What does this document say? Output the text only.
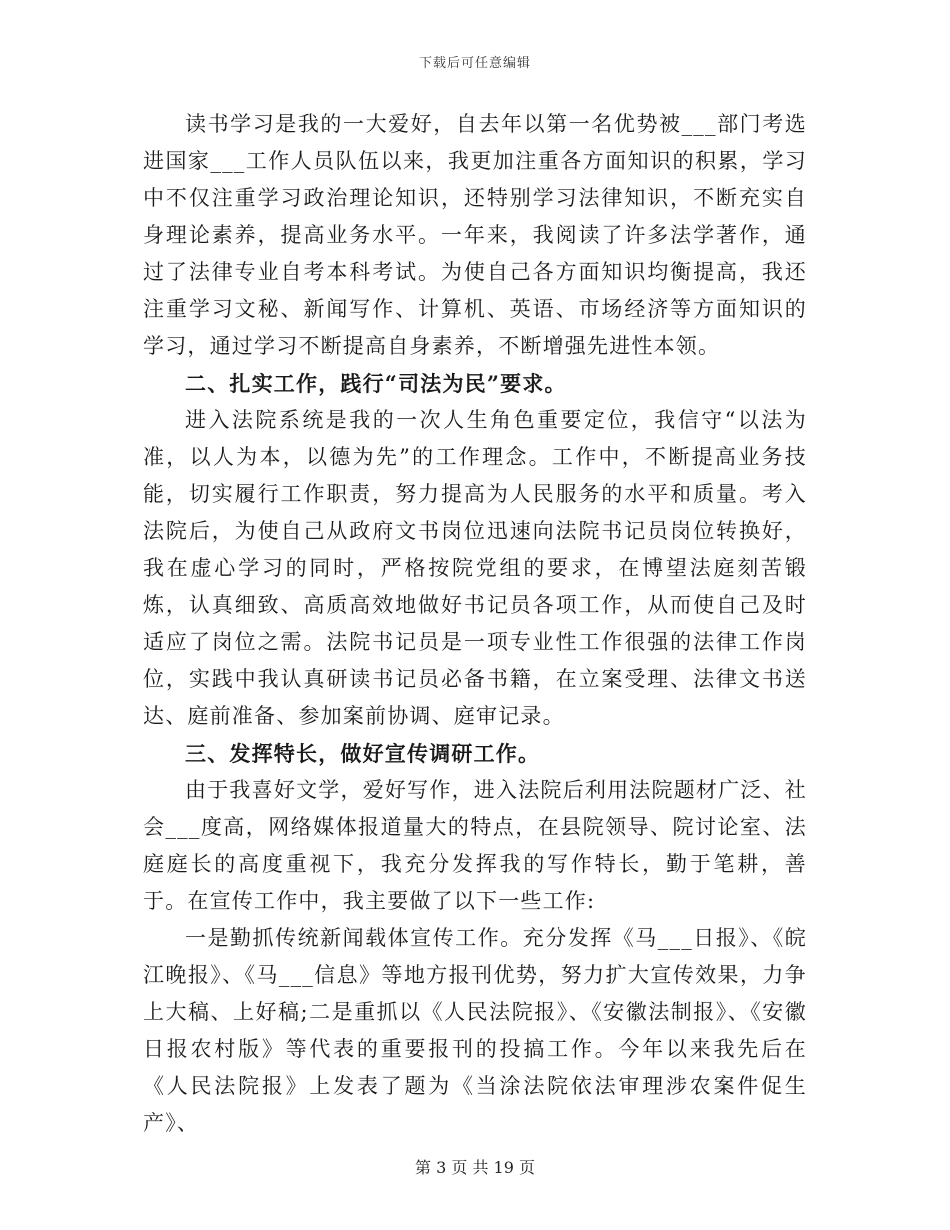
下载后可任意编辑

读书学习是我的一大爱好，自去年以第一名优势被___部门考选进国家___工作人员队伍以来，我更加注重各方面知识的积累，学习中不仅注重学习政治理论知识，还特别学习法律知识，不断充实自身理论素养，提高业务水平。一年来，我阅读了许多法学著作，通过了法律专业自考本科考试。为使自己各方面知识均衡提高，我还注重学习文秘、新闻写作、计算机、英语、市场经济等方面知识的学习，通过学习不断提高自身素养，不断增强先进性本领。

二、扎实工作，践行“司法为民”要求。

进入法院系统是我的一次人生角色重要定位，我信守“以法为准，以人为本，以德为先”的工作理念。工作中，不断提高业务技能，切实履行工作职责，努力提高为人民服务的水平和质量。考入法院后，为使自己从政府文书岗位迅速向法院书记员岗位转换好，我在虚心学习的同时，严格按院党组的要求，在博望法庭刻苦锻炼，认真细致、高质高效地做好书记员各项工作，从而使自己及时适应了岗位之需。法院书记员是一项专业性工作很强的法律工作岗位，实践中我认真研读书记员必备书籍，在立案受理、法律文书送达、庭前准备、参加案前协调、庭审记录。

三、发挥特长，做好宣传调研工作。

由于我喜好文学，爱好写作，进入法院后利用法院题材广泛、社会___度高，网络媒体报道量大的特点，在县院领导、院讨论室、法庭庭长的高度重视下，我充分发挥我的写作特长，勤于笔耕，善于。在宣传工作中，我主要做了以下一些工作:

一是勤抓传统新闻载体宣传工作。充分发挥《马___日报》、《皖江晚报》、《马___信息》等地方报刊优势，努力扩大宣传效果，力争上大稿、上好稿;二是重抓以《人民法院报》、《安徽法制报》、《安徽日报农村版》等代表的重要报刊的投搞工作。今年以来我先后在《人民法院报》上发表了题为《当涂法院依法审理涉农案件促生产》、

第 3 页 共 19 页
